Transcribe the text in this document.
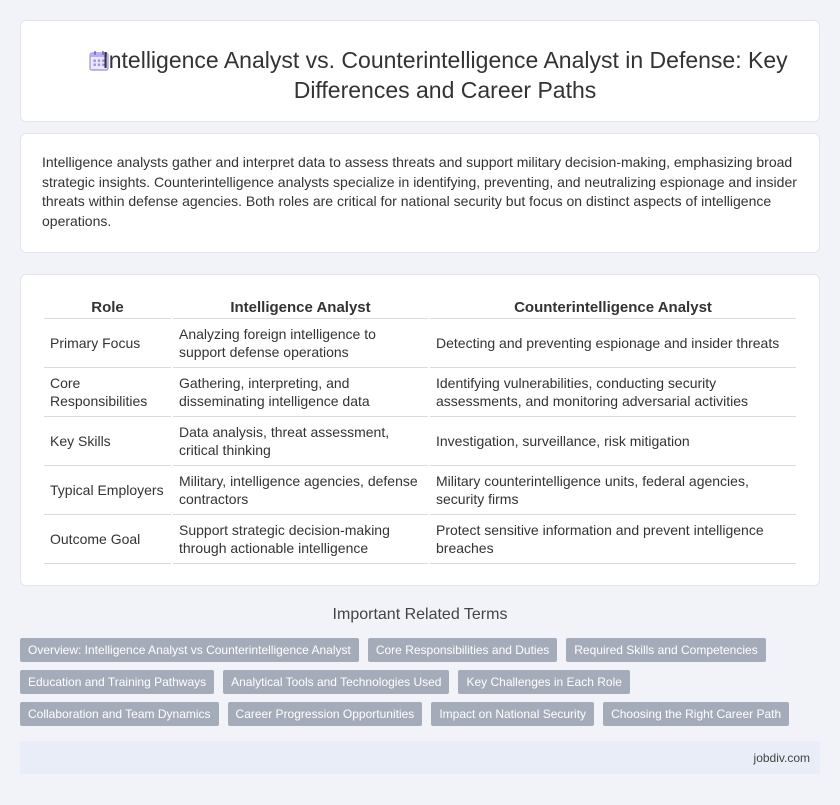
Intelligence Analyst vs. Counterintelligence Analyst in Defense: Key Differences and Career Paths

Intelligence analysts gather and interpret data to assess threats and support military decision-making, emphasizing broad strategic insights. Counterintelligence analysts specialize in identifying, preventing, and neutralizing espionage and insider threats within defense agencies. Both roles are critical for national security but focus on distinct aspects of intelligence operations.

Role	Intelligence Analyst	Counterintelligence Analyst
Primary Focus	Analyzing foreign intelligence to support defense operations	Detecting and preventing espionage and insider threats
Core Responsibilities	Gathering, interpreting, and disseminating intelligence data	Identifying vulnerabilities, conducting security assessments, and monitoring adversarial activities
Key Skills	Data analysis, threat assessment, critical thinking	Investigation, surveillance, risk mitigation
Typical Employers	Military, intelligence agencies, defense contractors	Military counterintelligence units, federal agencies, security firms
Outcome Goal	Support strategic decision-making through actionable intelligence	Protect sensitive information and prevent intelligence breaches
Important Related Terms
Overview: Intelligence Analyst vs Counterintelligence Analyst	Core Responsibilities and Duties	Required Skills and Competencies
Education and Training Pathways	Analytical Tools and Technologies Used	Key Challenges in Each Role
Collaboration and Team Dynamics	Career Progression Opportunities	Impact on National Security	Choosing the Right Career Path
jobdiv.com
